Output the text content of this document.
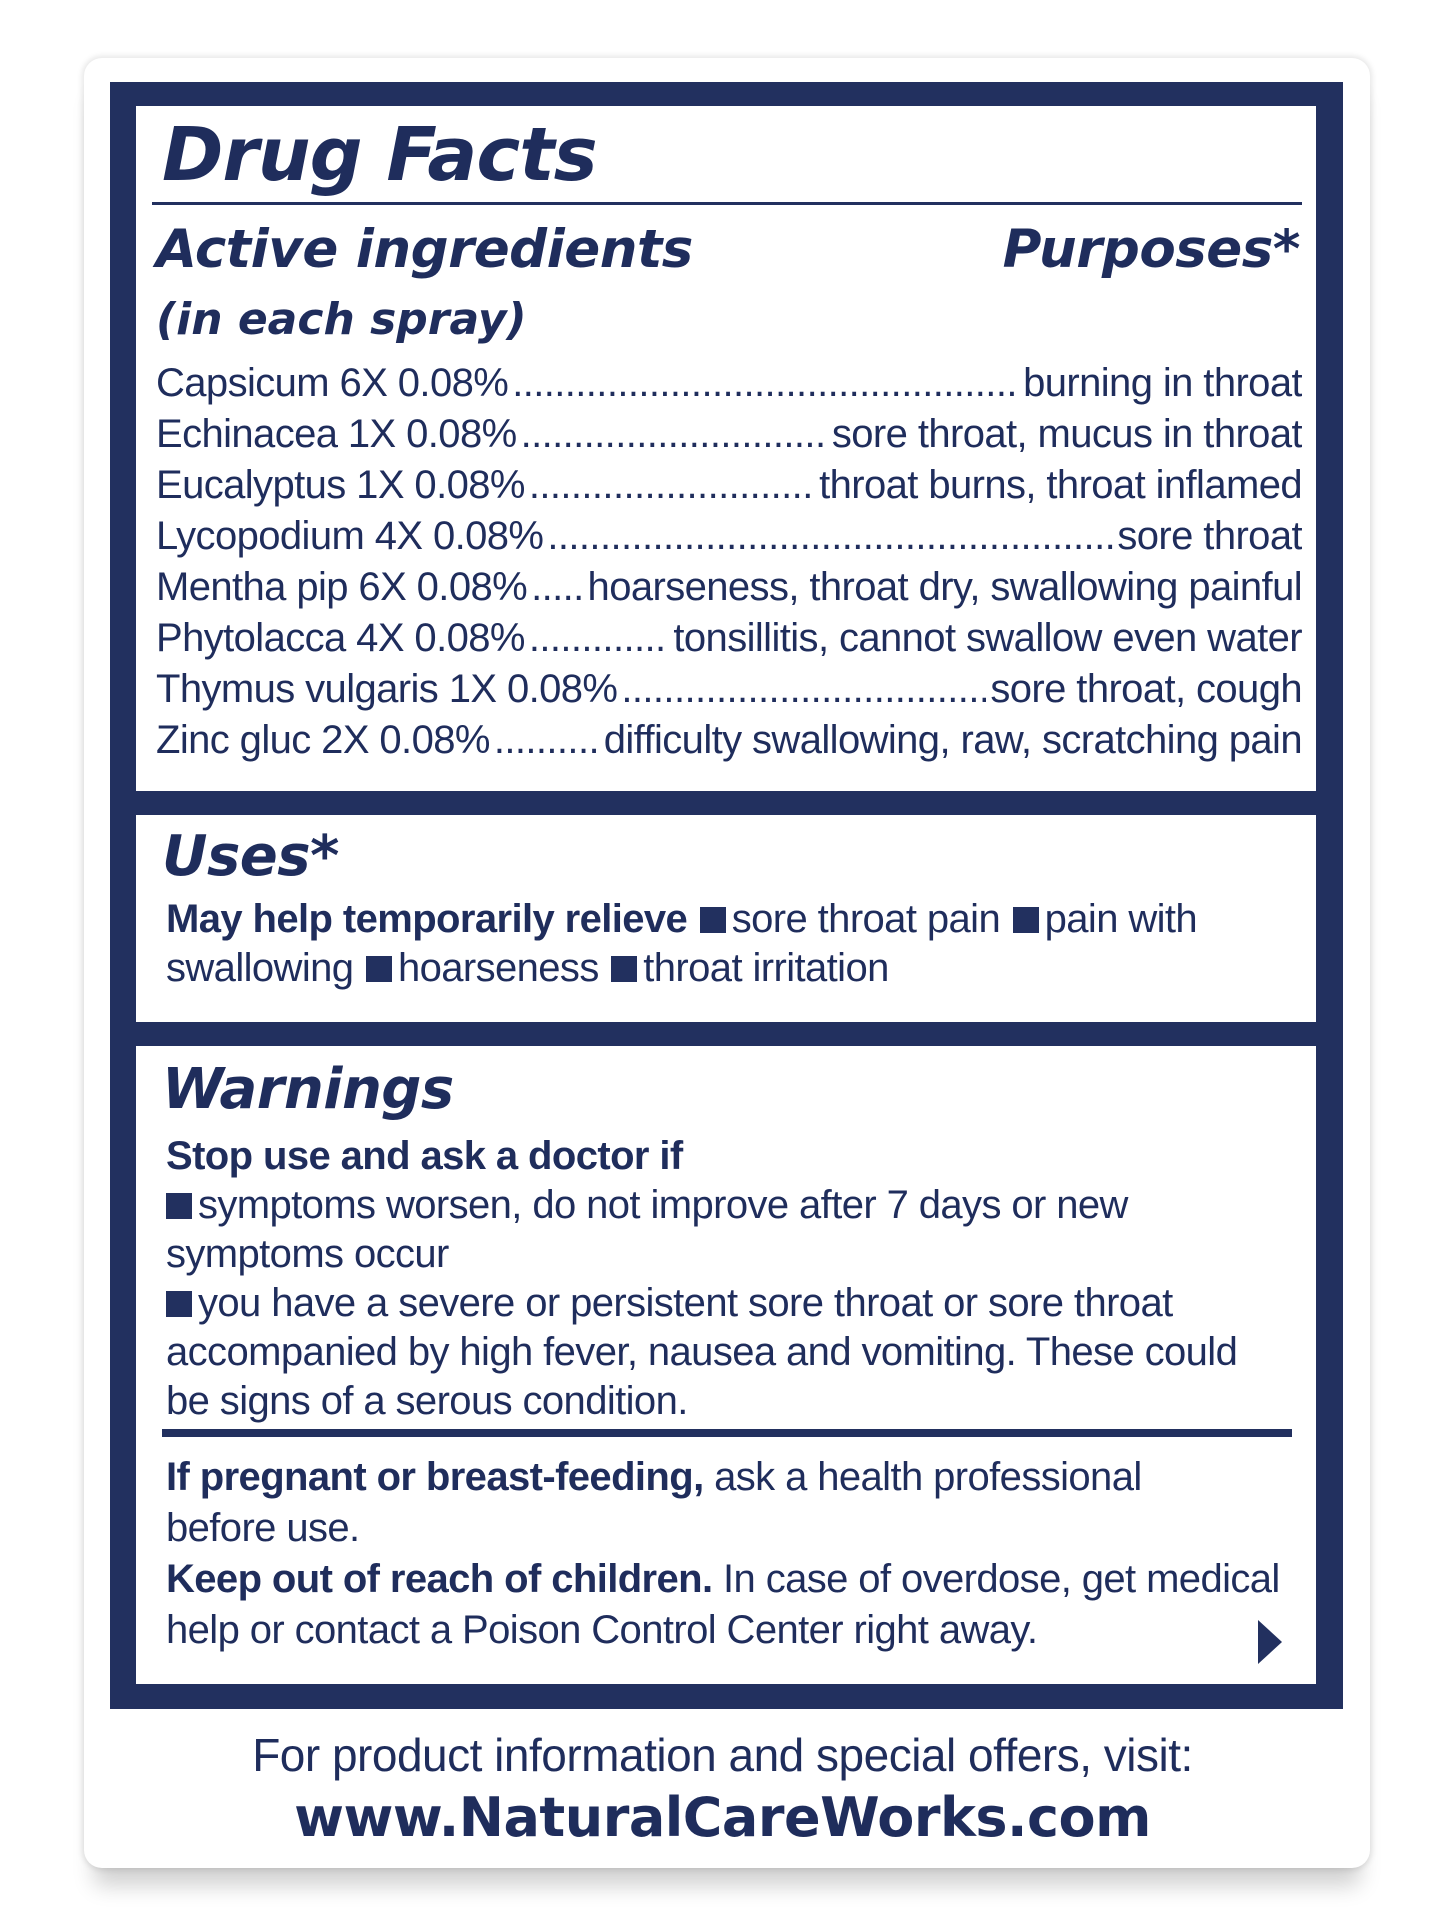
Drug Facts
Active ingredients	Purposes*
(in each spray)
Capsicum 6X 0.08% .....	burning in throat
Echinacea 1X 0.08% .....	sore throat, mucus in throat
Eucalyptus 1X 0.08% .....	throat burns, throat inflamed
Lycopodium 4X 0.08% .....	sore throat
Mentha pip 6X 0.08% ..... hoarseness, throat dry, swallowing painful
Phytolacca 4X 0.08% .....	tonsillitis, cannot swallow even water
Thymus vulgaris 1X 0.08% .....	sore throat, cough
Zinc gluc 2X 0.08% .....	difficulty swallowing, raw, scratching pain
Uses*
May help temporarily relieve sore throat pain pain with
swallowing hoarseness throat irritation
Warnings
Stop use and ask a doctor if
symptoms worsen, do not improve after 7 days or new
symptoms occur
you have a severe or persistent sore throat or sore throat
accompanied by high fever, nausea and vomiting. These could
be signs of a serous condition.
If pregnant or breast-feeding, ask a health professional
before use.
Keep out of reach of children. In case of overdose, get medical
help or contact a Poison Control Center right away.
For product information and special offers, visit:
www.NaturalCareWorks.com
